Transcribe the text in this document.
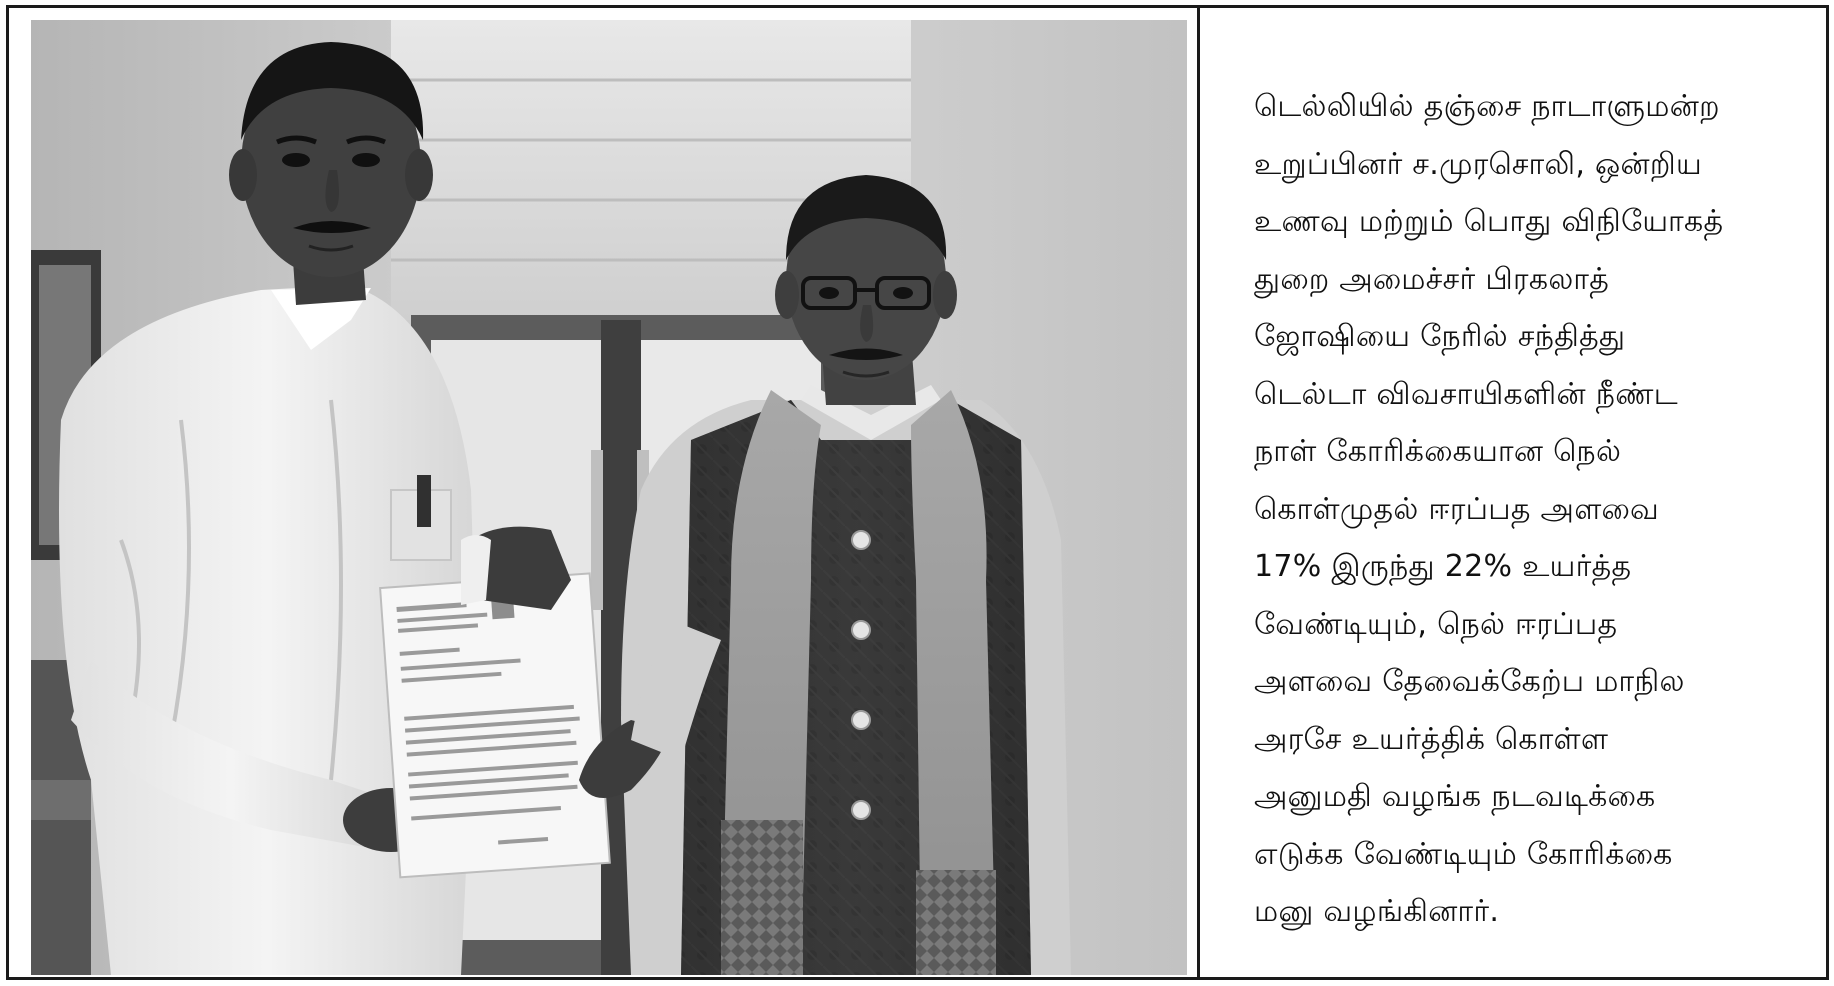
டெல்லியில் தஞ்சை நாடாளுமன்ற
உறுப்பினர் ச.முரசொலி, ஒன்றிய
உணவு மற்றும் பொது விநியோகத்
துறை அமைச்சர் பிரகலாத்
ஜோஷியை நேரில் சந்தித்து
டெல்டா விவசாயிகளின் நீண்ட
நாள் கோரிக்கையான நெல்
கொள்முதல் ஈரப்பத அளவை
17% இருந்து 22% உயர்த்த
வேண்டியும், நெல் ஈரப்பத
அளவை தேவைக்கேற்ப மாநில
அரசே உயர்த்திக் கொள்ள
அனுமதி வழங்க நடவடிக்கை
எடுக்க வேண்டியும் கோரிக்கை
மனு வழங்கினார்.
